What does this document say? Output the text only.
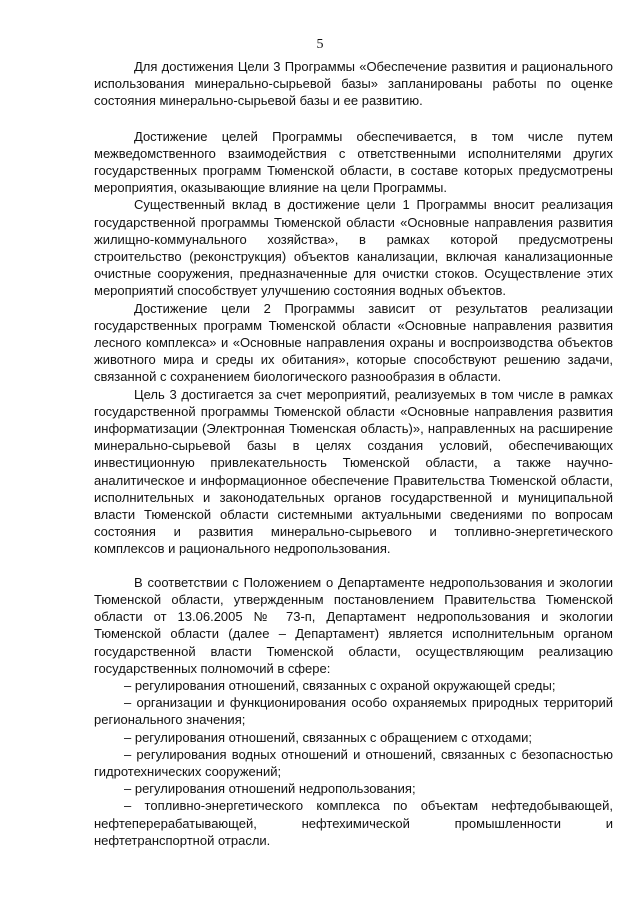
5

Для достижения Цели 3 Программы «Обеспечение развития и рационального использования минерально-сырьевой базы» запланированы работы по оценке состояния минерально-сырьевой базы и ее развитию.

Достижение целей Программы обеспечивается, в том числе путем межведомственного взаимодействия с ответственными исполнителями других государственных программ Тюменской области, в составе которых предусмотрены мероприятия, оказывающие влияние на цели Программы.

Существенный вклад в достижение цели 1 Программы вносит реализация государственной программы Тюменской области «Основные направления развития жилищно-коммунального хозяйства», в рамках которой предусмотрены строительство (реконструкция) объектов канализации, включая канализационные очистные сооружения, предназначенные для очистки стоков. Осуществление этих мероприятий способствует улучшению состояния водных объектов.

Достижение цели 2 Программы зависит от результатов реализации государственных программ Тюменской области «Основные направления развития лесного комплекса» и «Основные направления охраны и воспроизводства объектов животного мира и среды их обитания», которые способствуют решению задачи, связанной с сохранением биологического разнообразия в области.

Цель 3 достигается за счет мероприятий, реализуемых в том числе в рамках государственной программы Тюменской области «Основные направления развития информатизации (Электронная Тюменская область)», направленных на расширение минерально-сырьевой базы в целях создания условий, обеспечивающих инвестиционную привлекательность Тюменской области, а также научно-аналитическое и информационное обеспечение Правительства Тюменской области, исполнительных и законодательных органов государственной и муниципальной власти Тюменской области системными актуальными сведениями по вопросам состояния и развития минерально-сырьевого и топливно-энергетического комплексов и рационального недропользования.

В соответствии с Положением о Департаменте недропользования и экологии Тюменской области, утвержденным постановлением Правительства Тюменской области от 13.06.2005 № 73-п, Департамент недропользования и экологии Тюменской области (далее – Департамент) является исполнительным органом государственной власти Тюменской области, осуществляющим реализацию государственных полномочий в сфере:

– регулирования отношений, связанных с охраной окружающей среды;

– организации и функционирования особо охраняемых природных территорий регионального значения;

– регулирования отношений, связанных с обращением с отходами;

– регулирования водных отношений и отношений, связанных с безопасностью гидротехнических сооружений;

– регулирования отношений недропользования;

– топливно-энергетического комплекса по объектам нефтедобывающей, нефтеперерабатывающей, нефтехимической промышленности и нефтетранспортной отрасли.
